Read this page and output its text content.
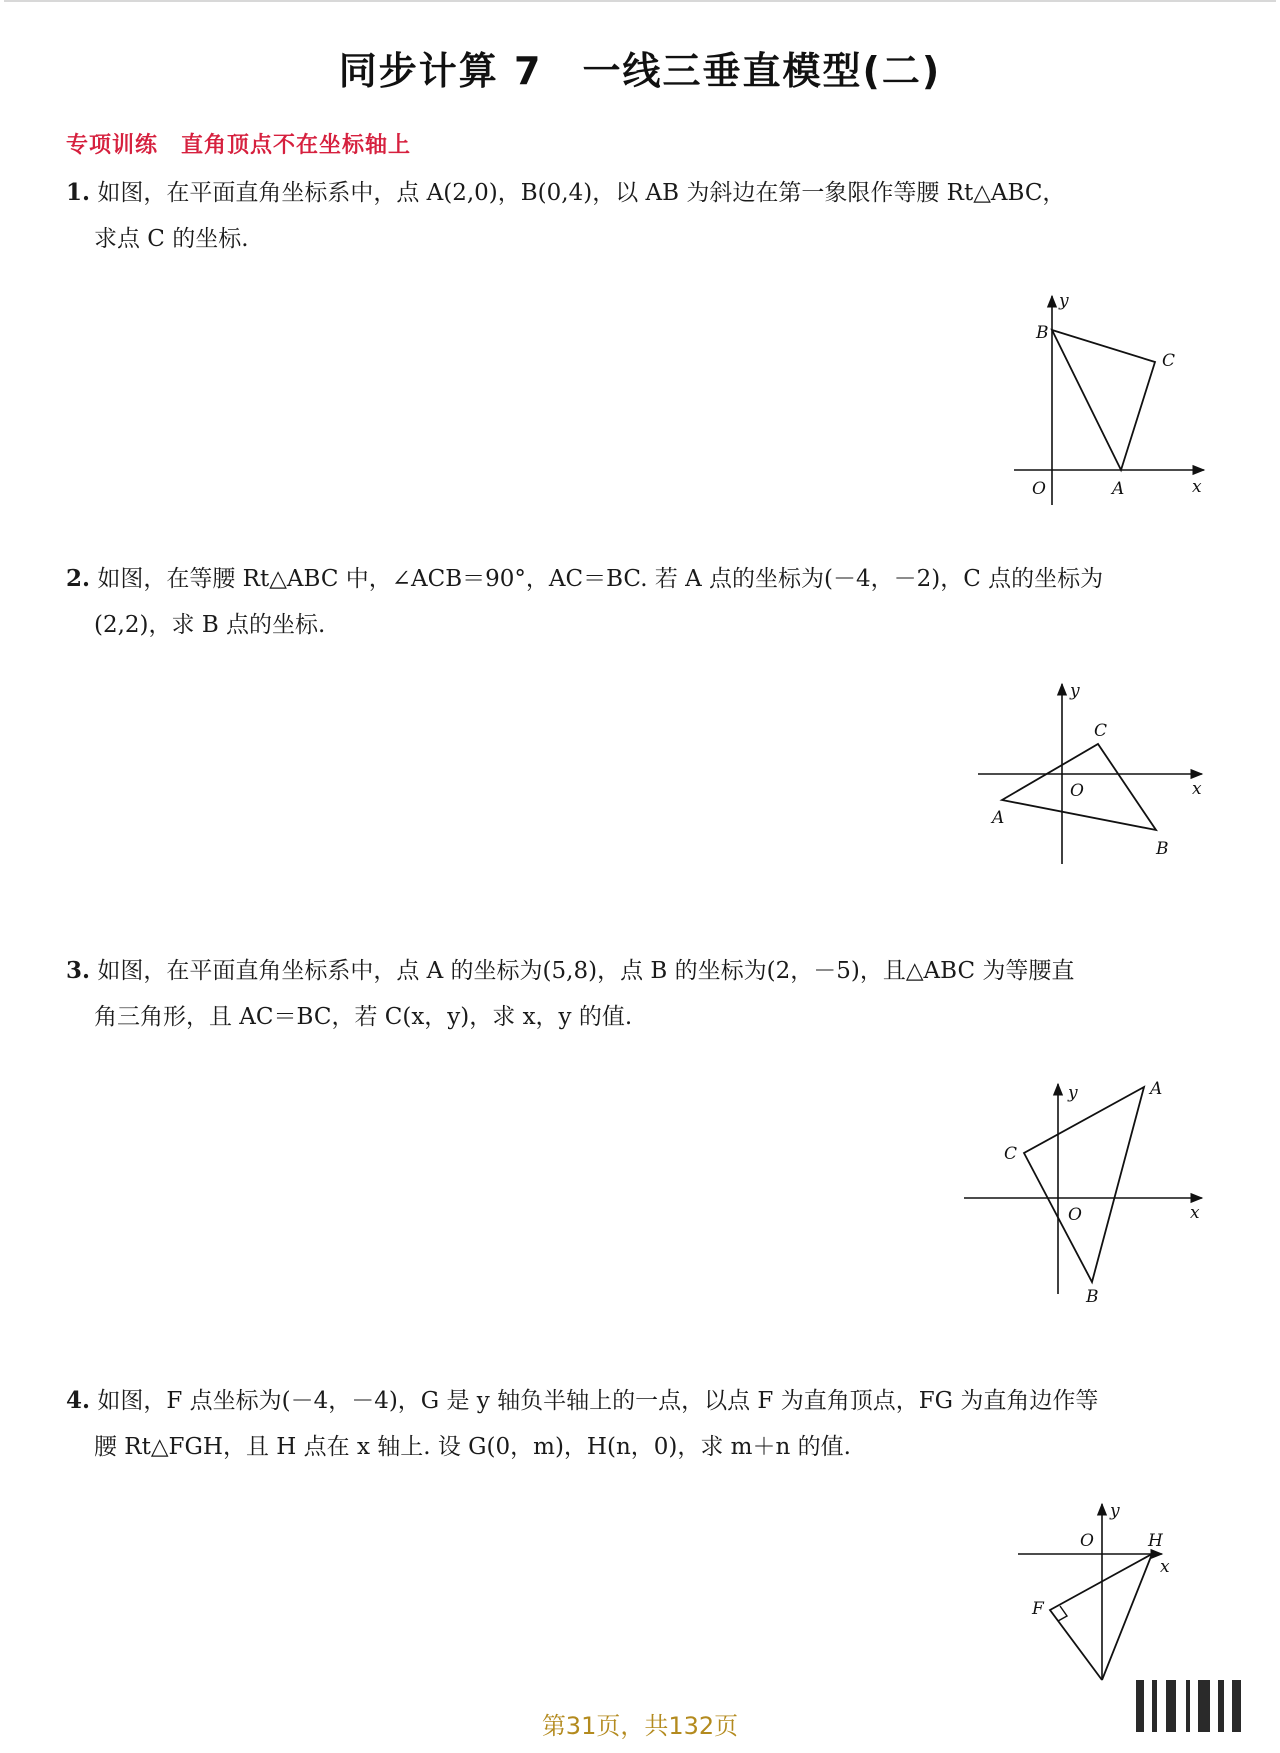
同步计算 7　一线三垂直模型(二)
专项训练　直角顶点不在坐标轴上
1. 如图，在平面直角坐标系中，点 A(2,0)，B(0,4)，以 AB 为斜边在第一象限作等腰 Rt△ABC，
求点 C 的坐标.
y
x
O	A
B
C
2. 如图，在等腰 Rt△ABC 中，∠ACB＝90°，AC＝BC. 若 A 点的坐标为(－4，－2)，C 点的坐标为
(2,2)，求 B 点的坐标.
y
x
O
A
B
C
3. 如图，在平面直角坐标系中，点 A 的坐标为(5,8)，点 B 的坐标为(2，－5)，且△ABC 为等腰直
角三角形，且 AC＝BC，若 C(x，y)，求 x，y 的值.
y
x
O
A
B
C
4. 如图，F 点坐标为(－4，－4)，G 是 y 轴负半轴上的一点，以点 F 为直角顶点，FG 为直角边作等
腰 Rt△FGH，且 H 点在 x 轴上. 设 G(0，m)，H(n，0)，求 m＋n 的值.
y
x
O
F
H
第31页，共132页
